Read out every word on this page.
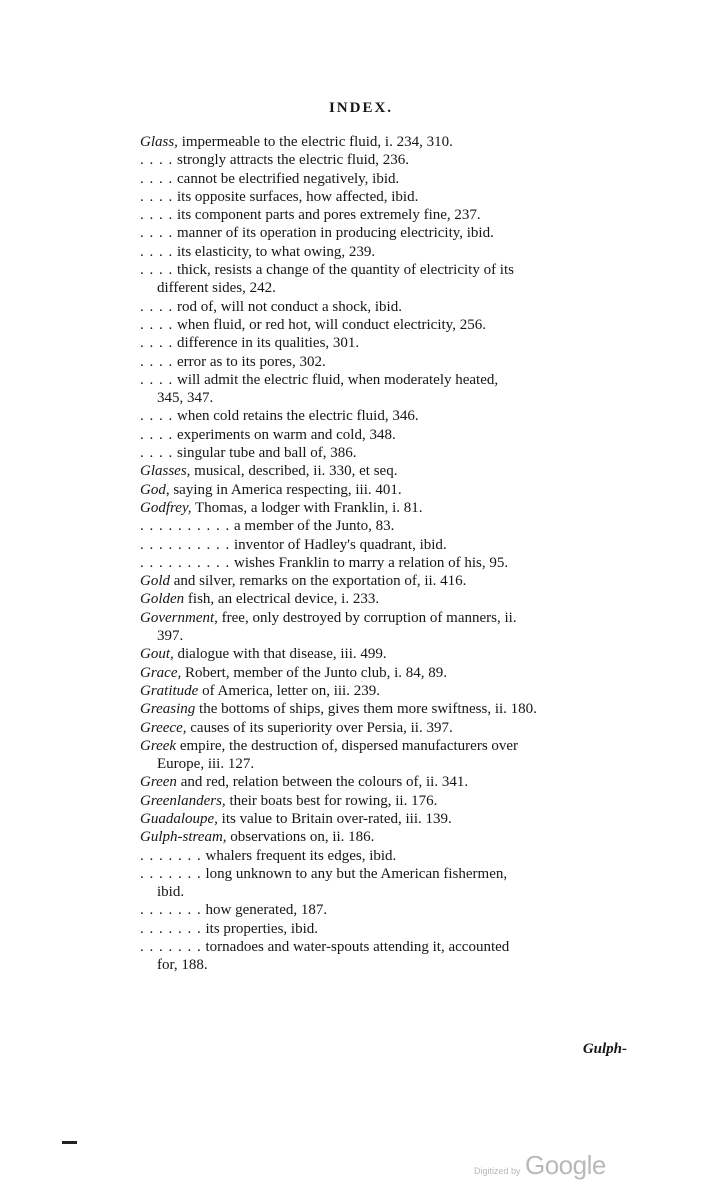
INDEX.
Glass, impermeable to the electric fluid, i. 234, 310.
. . . . strongly attracts the electric fluid, 236.
. . . . cannot be electrified negatively, ibid.
. . . . its opposite surfaces, how affected, ibid.
. . . . its component parts and pores extremely fine, 237.
. . . . manner of its operation in producing electricity, ibid.
. . . . its elasticity, to what owing, 239.
. . . . thick, resists a change of the quantity of electricity of its
different sides, 242.
. . . . rod of, will not conduct a shock, ibid.
. . . . when fluid, or red hot, will conduct electricity, 256.
. . . . difference in its qualities, 301.
. . . . error as to its pores, 302.
. . . . will admit the electric fluid, when moderately heated,
345, 347.
. . . . when cold retains the electric fluid, 346.
. . . . experiments on warm and cold, 348.
. . . . singular tube and ball of, 386.
Glasses, musical, described, ii. 330, et seq.
God, saying in America respecting, iii. 401.
Godfrey, Thomas, a lodger with Franklin, i. 81.
. . . . . . . . . . a member of the Junto, 83.
. . . . . . . . . . inventor of Hadley's quadrant, ibid.
. . . . . . . . . . wishes Franklin to marry a relation of his, 95.
Gold and silver, remarks on the exportation of, ii. 416.
Golden fish, an electrical device, i. 233.
Government, free, only destroyed by corruption of manners, ii.
397.
Gout, dialogue with that disease, iii. 499.
Grace, Robert, member of the Junto club, i. 84, 89.
Gratitude of America, letter on, iii. 239.
Greasing the bottoms of ships, gives them more swiftness, ii. 180.
Greece, causes of its superiority over Persia, ii. 397.
Greek empire, the destruction of, dispersed manufacturers over
Europe, iii. 127.
Green and red, relation between the colours of, ii. 341.
Greenlanders, their boats best for rowing, ii. 176.
Guadaloupe, its value to Britain over-rated, iii. 139.
Gulph-stream, observations on, ii. 186.
. . . . . . . whalers frequent its edges, ibid.
. . . . . . . long unknown to any but the American fishermen,
ibid.
. . . . . . . how generated, 187.
. . . . . . . its properties, ibid.
. . . . . . . tornadoes and water-spouts attending it, accounted
for, 188.
Gulph-
Digitized by Google
